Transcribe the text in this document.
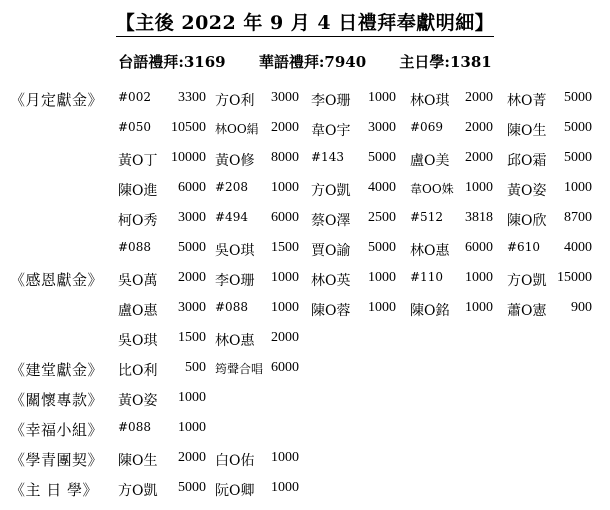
【主後 2022 年 9 月 4 日禮拜奉獻明細】
台語禮拜:3169 華語禮拜:7940 主日學:1381
《月定獻金》 #002	3300 方O利	3000 李O珊	1000 林O琪	2000 林O菁	5000
#050	10500 林OO絹 2000 韋O宇	3000 #069	2000 陳O生	5000
黃O丁 10000 黃O修	8000 #143	5000 盧O美	2000 邱O霜	5000
陳O進	6000 #208	1000 方O凱	4000 韋OO姝 1000 黃O姿	1000
柯O秀	3000 #494	6000 蔡O澤	2500 #512	3818 陳O欣	8700
#088	5000 吳O琪	1500 賈O諭	5000 林O惠	6000 #610	4000
《感恩獻金》 吳O萬	2000 李O珊	1000 林O英	1000 #110	1000 方O凱 15000
盧O惠	3000 #088	1000 陳O蓉	1000 陳O銘	1000 蕭O憲	900
吳O琪	1500 林O惠	2000
《建堂獻金》 比O利	500 筠聲合唱 6000
《關懷專款》 黃O姿	1000
《幸福小組》 #088	1000
《學青團契》 陳O生	2000 白O佑	1000
《主 日 學》 方O凱	5000 阮O卿	1000
